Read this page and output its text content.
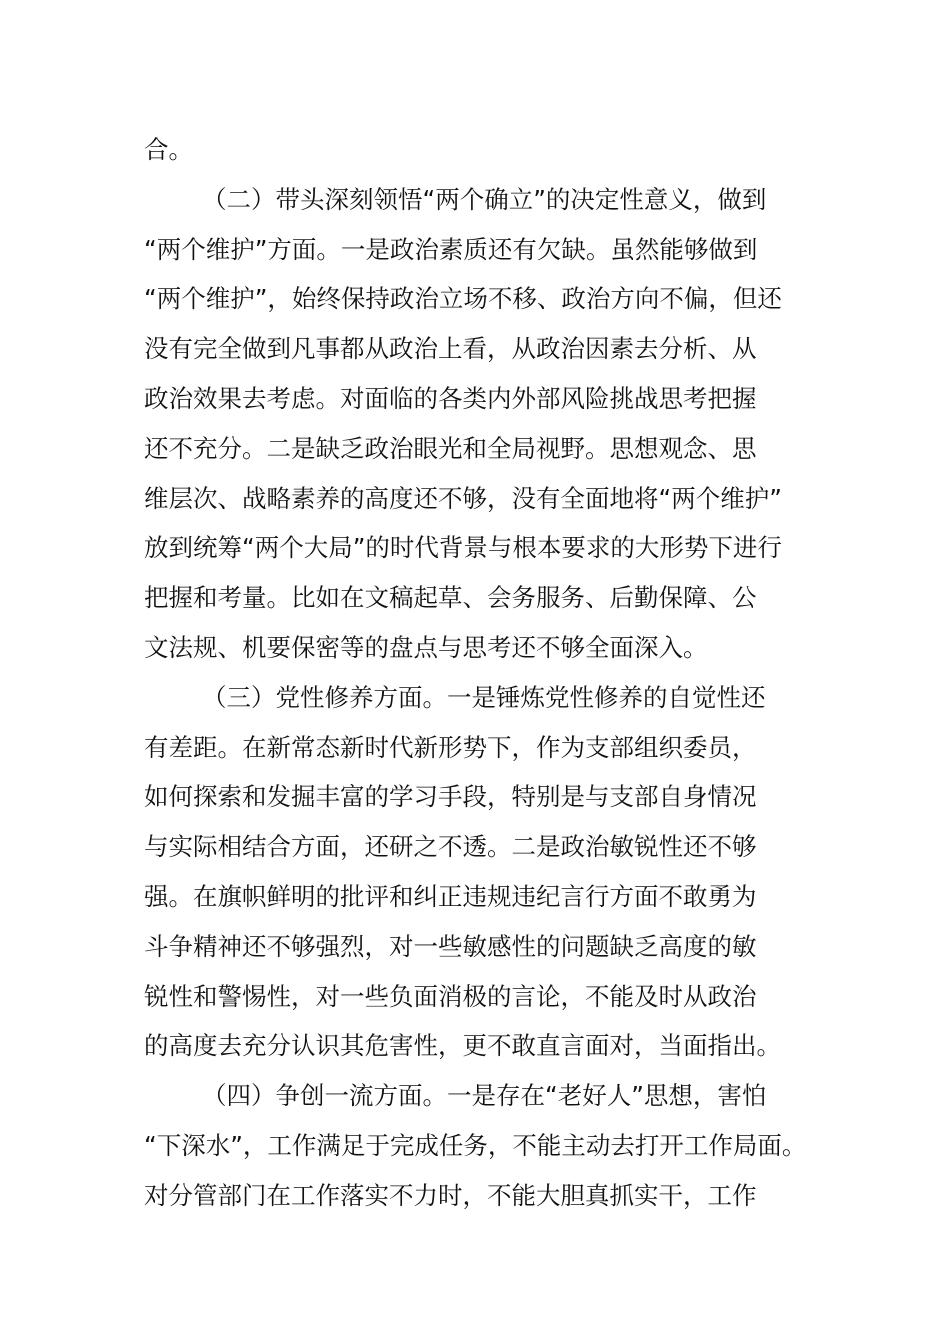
合。
（二）带头深刻领悟“两个确立”的决定性意义，做到
“两个维护”方面。一是政治素质还有欠缺。虽然能够做到
“两个维护”，始终保持政治立场不移、政治方向不偏，但还
没有完全做到凡事都从政治上看，从政治因素去分析、从
政治效果去考虑。对面临的各类内外部风险挑战思考把握
还不充分。二是缺乏政治眼光和全局视野。思想观念、思
维层次、战略素养的高度还不够，没有全面地将“两个维护”
放到统筹“两个大局”的时代背景与根本要求的大形势下进行
把握和考量。比如在文稿起草、会务服务、后勤保障、公
文法规、机要保密等的盘点与思考还不够全面深入。
（三）党性修养方面。一是锤炼党性修养的自觉性还
有差距。在新常态新时代新形势下，作为支部组织委员，
如何探索和发掘丰富的学习手段，特别是与支部自身情况
与实际相结合方面，还研之不透。二是政治敏锐性还不够
强。在旗帜鲜明的批评和纠正违规违纪言行方面不敢勇为
斗争精神还不够强烈，对一些敏感性的问题缺乏高度的敏
锐性和警惕性，对一些负面消极的言论，不能及时从政治
的高度去充分认识其危害性，更不敢直言面对，当面指出。
（四）争创一流方面。一是存在“老好人”思想，害怕
“下深水”，工作满足于完成任务，不能主动去打开工作局面。
对分管部门在工作落实不力时，不能大胆真抓实干，工作
